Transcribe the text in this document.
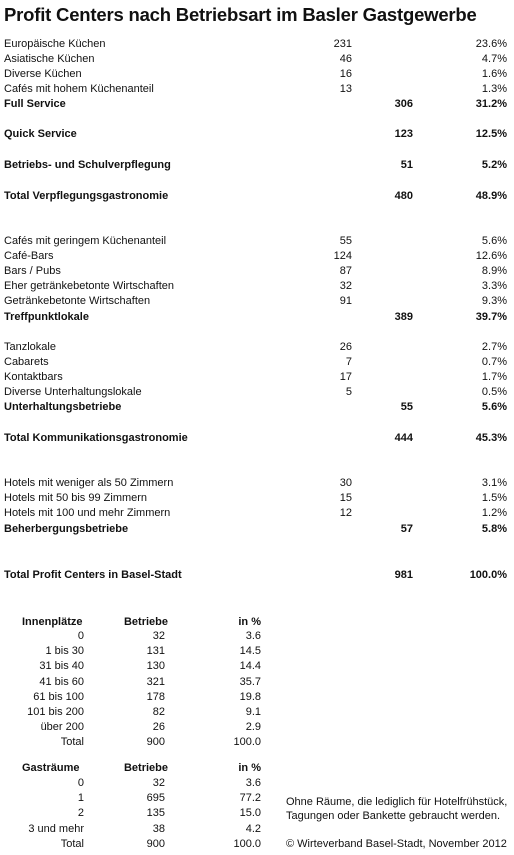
Profit Centers nach Betriebsart im Basler Gastgewerbe
Europäische Küchen	231	23.6%
Asiatische Küchen	46	4.7%
Diverse Küchen	16	1.6%
Cafés mit hohem Küchenanteil	13	1.3%
Full Service	306	31.2%
Quick Service	123	12.5%
Betriebs- und Schulverpflegung	51	5.2%
Total Verpflegungsgastronomie	480	48.9%
Cafés mit geringem Küchenanteil	55	5.6%
Café-Bars	124	12.6%
Bars / Pubs	87	8.9%
Eher getränkebetonte Wirtschaften	32	3.3%
Getränkebetonte Wirtschaften	91	9.3%
Treffpunktlokale	389	39.7%
Tanzlokale	26	2.7%
Cabarets	7	0.7%
Kontaktbars	17	1.7%
Diverse Unterhaltungslokale	5	0.5%
Unterhaltungsbetriebe	55	5.6%
Total Kommunikationsgastronomie	444	45.3%
Hotels mit weniger als 50 Zimmern	30	3.1%
Hotels mit 50 bis 99 Zimmern	15	1.5%
Hotels mit 100 und mehr Zimmern	12	1.2%
Beherbergungsbetriebe	57	5.8%
Total Profit Centers in Basel-Stadt	981	100.0%
Innenplätze	Betriebe	in %
0	32	3.6
1 bis 30	131	14.5
31 bis 40	130	14.4
41 bis 60	321	35.7
61 bis 100	178	19.8
101 bis 200	82	9.1
über 200	26	2.9
Total	900	100.0
Gasträume	Betriebe	in %
0	32	3.6
1	695	77.2
2	135	15.0
3 und mehr	38	4.2
Total	900	100.0
Ohne Räume, die lediglich für Hotelfrühstück, Tagungen oder Bankette gebraucht werden.
© Wirteverband Basel-Stadt, November 2012
